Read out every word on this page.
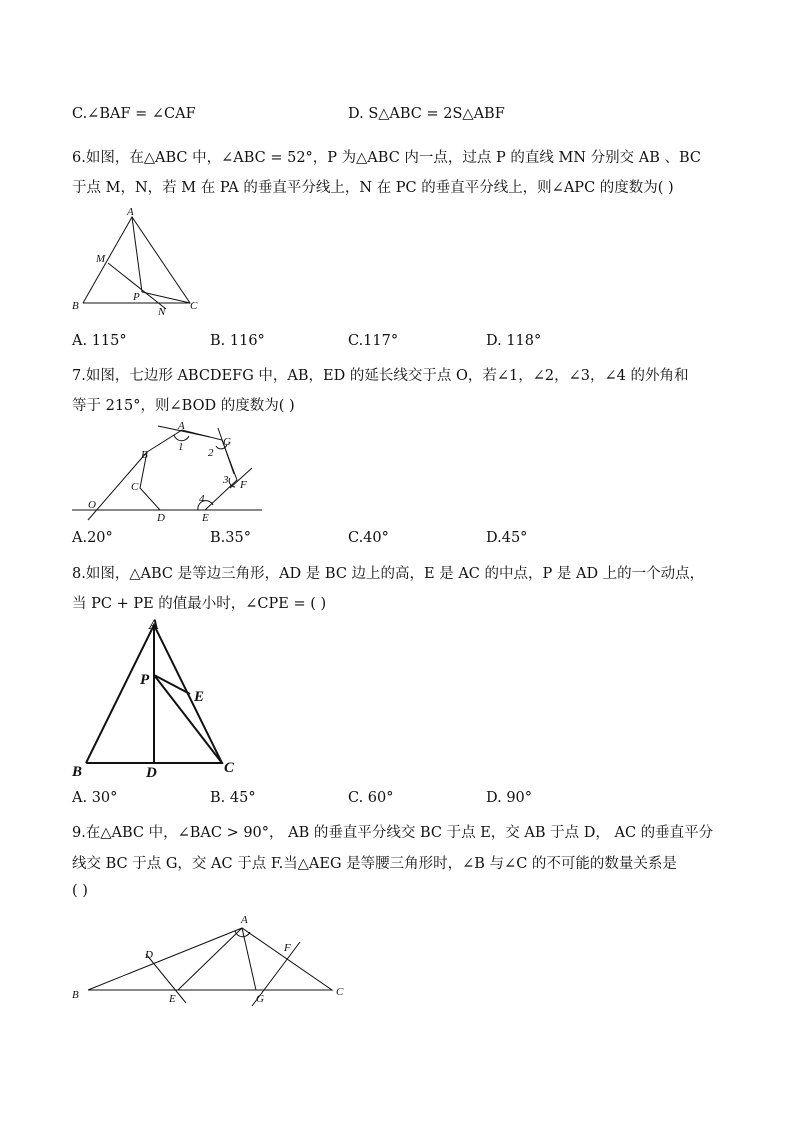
C.∠BAF = ∠CAF	D. S△ABC = 2S△ABF
6.如图，在△ABC 中，∠ABC = 52°，P 为△ABC 内一点，过点 P 的直线 MN 分别交 AB 、BC
于点 M，N，若 M 在 PA 的垂直平分线上，N 在 PC 的垂直平分线上，则∠APC 的度数为( )
A
M
B
P
N C
A. 115°	B. 116°	C.117°	D. 118°
7.如图，七边形 ABCDEFG 中，AB，ED 的延长线交于点 O，若∠1，∠2，∠3，∠4 的外角和
等于 215°，则∠BOD 的度数为( )
A
G
1 2
B
3 F
C
4
O
D	E
A.20°	B.35°	C.40°	D.45°
8.如图，△ABC 是等边三角形，AD 是 BC 边上的高，E 是 AC 的中点，P 是 AD 上的一个动点，
当 PC + PE 的值最小时，∠CPE = ( )
A
P
E
B	D	C
A. 30°	B. 45°	C. 60°	D. 90°
9.在△ABC 中，∠BAC > 90°， AB 的垂直平分线交 BC 于点 E，交 AB 于点 D， AC 的垂直平分
线交 BC 于点 G，交 AC 于点 F.当△AEG 是等腰三角形时，∠B 与∠C 的不可能的数量关系是
( )
A
D
F
B	E	G
C
